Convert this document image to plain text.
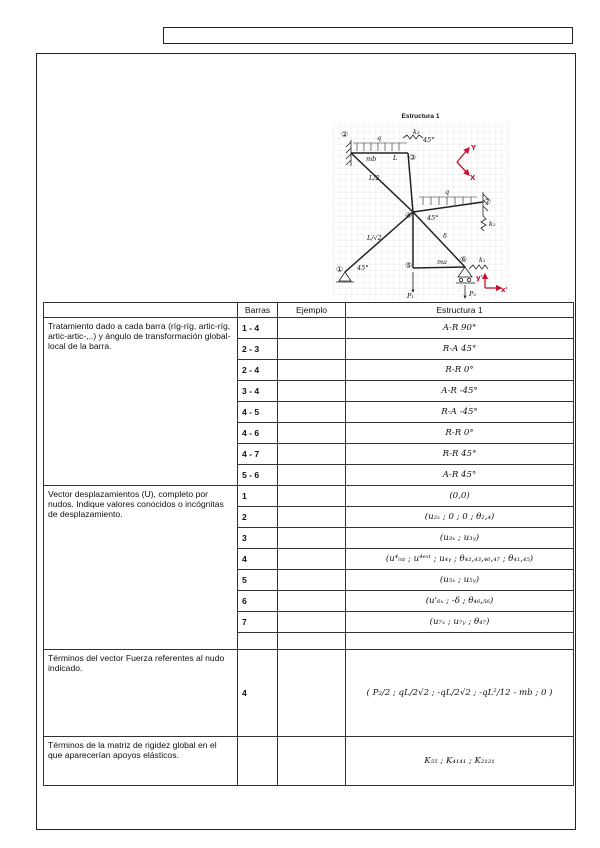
Estructura 1
②
③
④
①	⑤
⑥
⑦
q
q
mb
ma
L
L/2
L/√2
k₃
k₂
k₁
45°
45°
45°
P₁	P₂
δ
Y
X
y'
x'
	Barras	Ejemplo	Estructura 1
Tratamiento dado a cada barra (ríg-ríg, artic-ríg, artic-artic-,..) y ángulo de transformación global-local de la barra.	1 - 4		A-R 90°
	2 - 3		R-A 45°
	2 - 4		R-R 0°
	3 - 4		A-R -45°
	4 - 5		R-A -45°
	4 - 6		R-R 0°
	4 - 7		R-R 45°
	5 - 6		A-R 45°
Vector desplazamientos (U), completo por nudos. Indique valores conocidos o incógnitas de desplazamiento.	1		(0,0)
	2		(u₂ₓ ; 0 ; 0 ; θ₂,₄)
	3		(u₃ₓ ; u₃ᵧ)
	4		(u⁴ᵢₙₜ ; u⁴ᵉˣᵗ ; u₄ᵧ ; θ₄₂,₄₃,₄₆,₄₇ ; θ₄₁,₄₅)
	5		(u₅ₓ ; u₅ᵧ)
	6		(u'₆ₓ ; -δ ; θ₄₆,₅₆)
	7		(u₇ₓ ; u₇ᵧ ; θ₄₇)

Términos del vector Fuerza referentes al nudo indicado.	4		( P₂/2 ; qL/2√2 ; -qL/2√2 ; -qL²/12 - mb ; 0 )
Términos de la matriz de rigidez global en el que aparecerían apoyos elásticos.			K₅₅ ; K₄₁₄₁ ; K₂₁₂₁
